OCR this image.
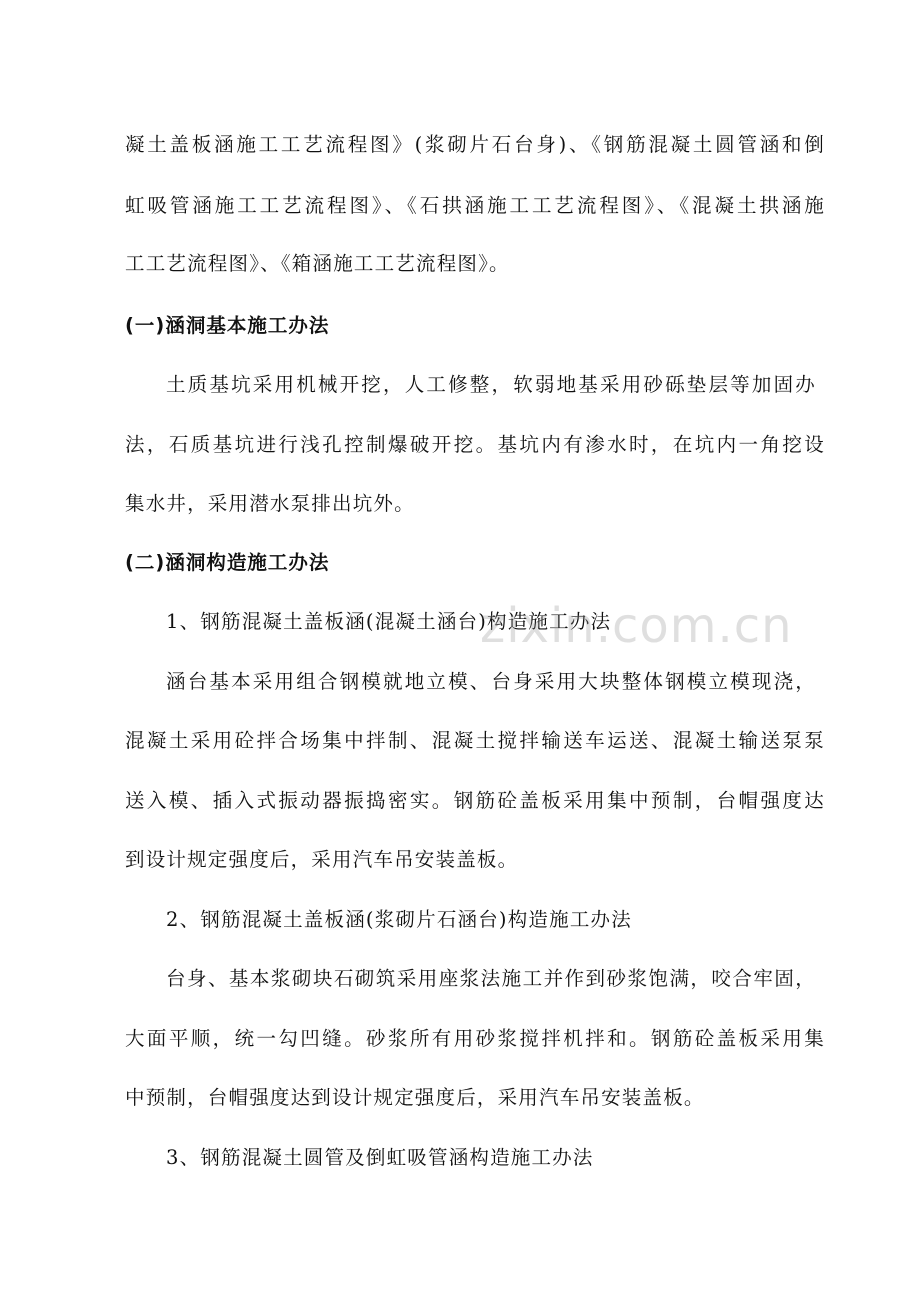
凝土盖板涵施工工艺流程图》(浆砌片石台身)、《钢筋混凝土圆管涵和倒
虹吸管涵施工工艺流程图》、《石拱涵施工工艺流程图》、《混凝土拱涵施
工工艺流程图》、《箱涵施工工艺流程图》。
(一)涵洞基本施工办法
土质基坑采用机械开挖，人工修整，软弱地基采用砂砾垫层等加固办
法，石质基坑进行浅孔控制爆破开挖。基坑内有渗水时，在坑内一角挖设
集水井，采用潜水泵排出坑外。
(二)涵洞构造施工办法
1、钢筋混凝土盖板涵(混凝土涵台)构造施工办法
涵台基本采用组合钢模就地立模、台身采用大块整体钢模立模现浇，
混凝土采用砼拌合场集中拌制、混凝土搅拌输送车运送、混凝土输送泵泵
送入模、插入式振动器振捣密实。钢筋砼盖板采用集中预制，台帽强度达
到设计规定强度后，采用汽车吊安装盖板。
2、钢筋混凝土盖板涵(浆砌片石涵台)构造施工办法
台身、基本浆砌块石砌筑采用座浆法施工并作到砂浆饱满，咬合牢固，
大面平顺，统一勾凹缝。砂浆所有用砂浆搅拌机拌和。钢筋砼盖板采用集
中预制，台帽强度达到设计规定强度后，采用汽车吊安装盖板。
3、钢筋混凝土圆管及倒虹吸管涵构造施工办法
zixin.com.cn
